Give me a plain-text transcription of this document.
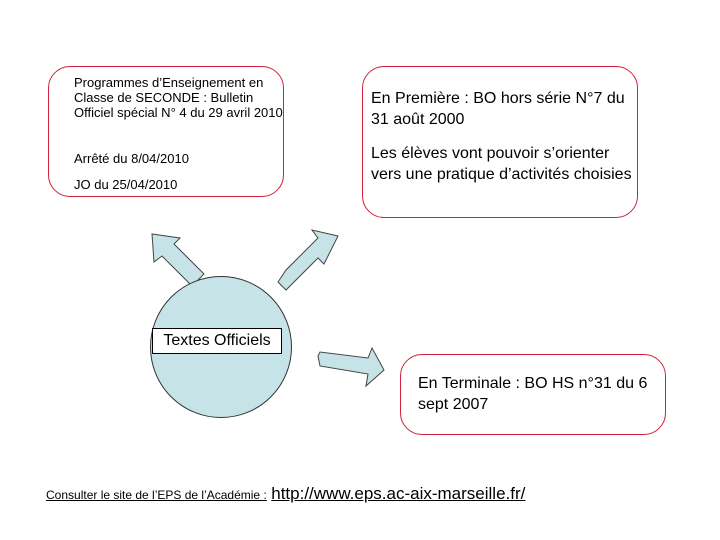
Programmes d’Enseignement en Classe de SECONDE : Bulletin Officiel spécial N° 4 du 29 avril 2010

Arrêté du 8/04/2010

JO du 25/04/2010

En Première : BO hors série N°7 du 31 août 2000

Les élèves vont pouvoir s’orienter vers une pratique d’activités choisies

En Terminale : BO HS n°31 du 6 sept 2007

Textes Officiels
Consulter le site de l’EPS de l’Académie : http://www.eps.ac-aix-marseille.fr/
